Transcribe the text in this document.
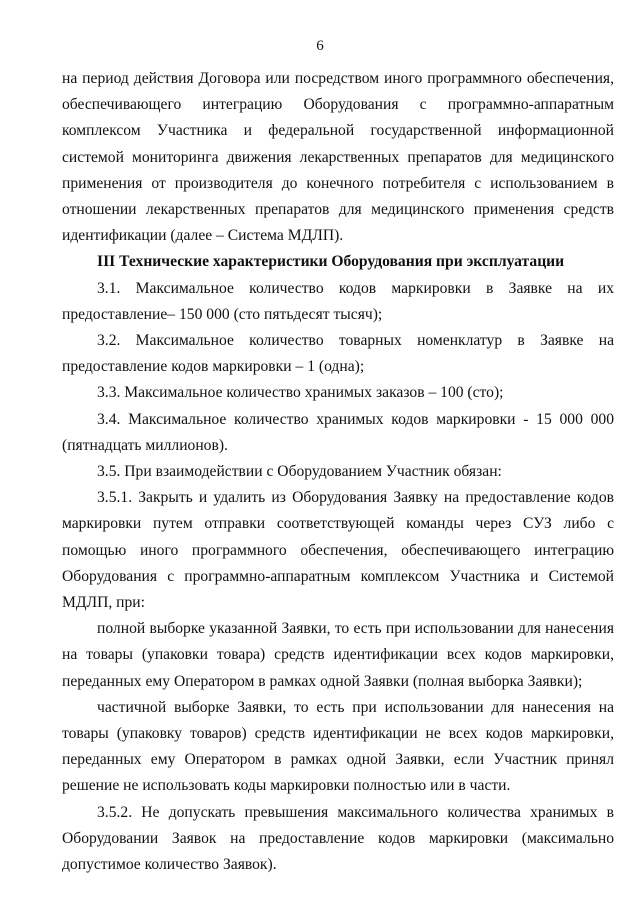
6

на период действия Договора или посредством иного программного обеспечения, обеспечивающего интеграцию Оборудования с программно-аппаратным комплексом Участника и федеральной государственной информационной системой мониторинга движения лекарственных препаратов для медицинского применения от производителя до конечного потребителя с использованием в отношении лекарственных препаратов для медицинского применения средств идентификации (далее – Система МДЛП).

III Технические характеристики Оборудования при эксплуатации

3.1. Максимальное количество кодов маркировки в Заявке на их предоставление– 150 000 (сто пятьдесят тысяч);

3.2. Максимальное количество товарных номенклатур в Заявке на предоставление кодов маркировки – 1 (одна);

3.3. Максимальное количество хранимых заказов – 100 (сто);

3.4. Максимальное количество хранимых кодов маркировки - 15 000 000 (пятнадцать миллионов).

3.5. При взаимодействии с Оборудованием Участник обязан:

3.5.1. Закрыть и удалить из Оборудования Заявку на предоставление кодов маркировки путем отправки соответствующей команды через СУЗ либо с помощью иного программного обеспечения, обеспечивающего интеграцию Оборудования с программно-аппаратным комплексом Участника и Системой МДЛП, при:

полной выборке указанной Заявки, то есть при использовании для нанесения на товары (упаковки товара) средств идентификации всех кодов маркировки, переданных ему Оператором в рамках одной Заявки (полная выборка Заявки);

частичной выборке Заявки, то есть при использовании для нанесения на товары (упаковку товаров) средств идентификации не всех кодов маркировки, переданных ему Оператором в рамках одной Заявки, если Участник принял решение не использовать коды маркировки полностью или в части.

3.5.2. Не допускать превышения максимального количества хранимых в Оборудовании Заявок на предоставление кодов маркировки (максимально допустимое количество Заявок).
